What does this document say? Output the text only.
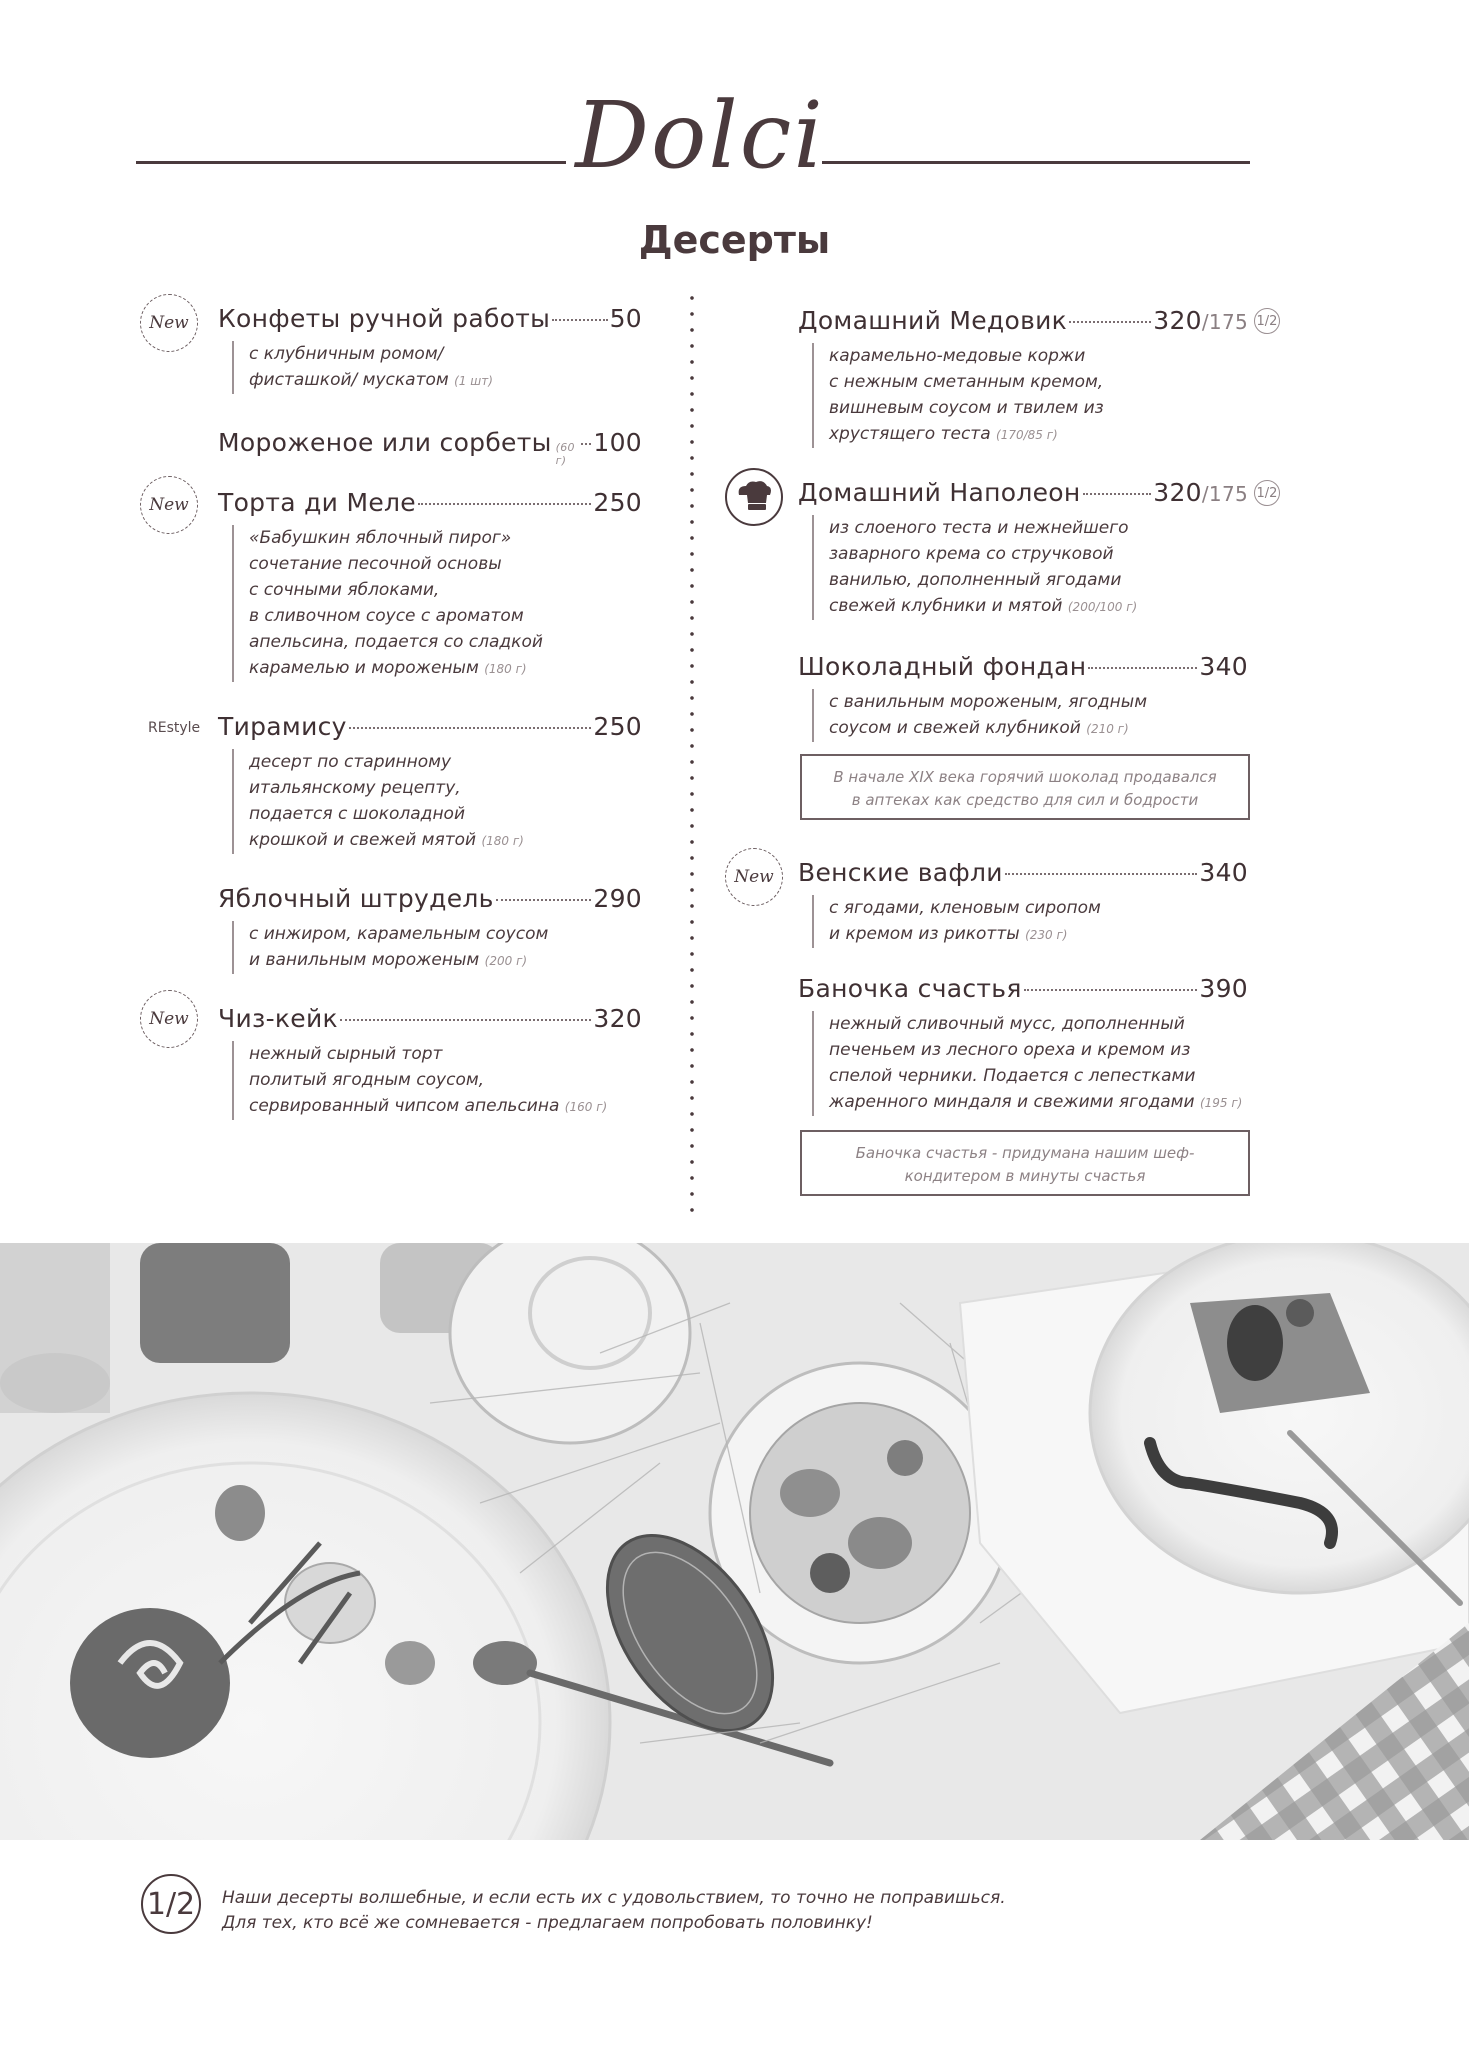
Dolci
Десерты
New	Конфеты ручной работы 50
с клубничным ромом/
фисташкой/ мускатом (1 шт)
Мороженое или сорбеты (60 г)
100
New	Торта ди Меле	250
«Бабушкин яблочный пирог»
сочетание песочной основы
с сочными яблоками,
в сливочном соусе с ароматом
апельсина, подается со сладкой
карамелью и мороженым (180 г)
REstyle Тирамису	250
десерт по старинному
итальянскому рецепту,
подается с шоколадной
крошкой и свежей мятой (180 г)
Яблочный штрудель	290
с инжиром, карамельным соусом
и ванильным мороженым (200 г)
New	Чиз-кейк	320
нежный сырный торт
политый ягодным соусом,
сервированный чипсом апельсина (160 г)
Домашний Медовик	320/175
карамельно-медовые коржи
с нежным сметанным кремом,
вишневым соусом и твилем из
хрустящего теста (170/85 г)
1/2
Домашний Наполеон	320/175
из слоеного теста и нежнейшего
заварного крема со стручковой
ванилью, дополненный ягодами
свежей клубники и мятой (200/100 г)
1/2
Шоколадный фондан	340
с ванильным мороженым, ягодным
соусом и свежей клубникой (210 г)
В начале XIX века горячий шоколад продавался
в аптеках как средство для сил и бодрости
New Венские вафли	340
с ягодами, кленовым сиропом
и кремом из рикотты (230 г)
Баночка счастья	390
нежный сливочный мусс, дополненный
печеньем из лесного ореха и кремом из
спелой черники. Подается с лепестками
жаренного миндаля и свежими ягодами (195 г)
Баночка счастья - придумана нашим шеф-
кондитером в минуты счастья
1/2	Наши десерты волшебные, и если есть их с удовольствием, то точно не поправишься.
Для тех, кто всё же сомневается - предлагаем попробовать половинку!
